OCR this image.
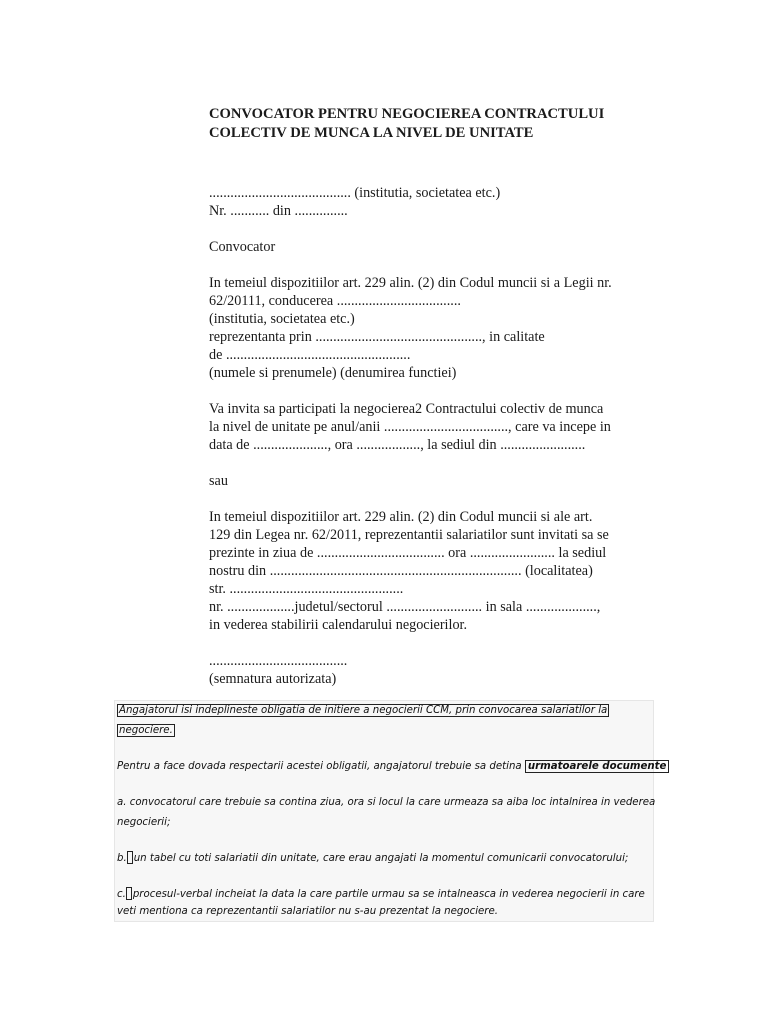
CONVOCATOR PENTRU NEGOCIEREA CONTRACTULUI
COLECTIV DE MUNCA LA NIVEL DE UNITATE
........................................ (institutia, societatea etc.)
Nr. ........... din ...............
Convocator
In temeiul dispozitiilor art. 229 alin. (2) din Codul muncii si a Legii nr.
62/20111, conducerea ...................................
(institutia, societatea etc.)
reprezentanta prin ..............................................., in calitate
de ....................................................
(numele si prenumele) (denumirea functiei)
Va invita sa participati la negocierea2 Contractului colectiv de munca
la nivel de unitate pe anul/anii ..................................., care va incepe in
data de ....................., ora .................., la sediul din ........................
sau
In temeiul dispozitiilor art. 229 alin. (2) din Codul muncii si ale art.
129 din Legea nr. 62/2011, reprezentantii salariatilor sunt invitati sa se
prezinte in ziua de .................................... ora ........................ la sediul
nostru din ....................................................................... (localitatea)
str. .................................................
nr. ...................judetul/sectorul ........................... in sala ....................,
in vederea stabilirii calendarului negocierilor.
.......................................
(semnatura autorizata)
Angajatorul isi indeplineste obligatia de initiere a negocierii CCM, prin convocarea salariatilor la
negociere.
Pentru a face dovada respectarii acestei obligatii, angajatorul trebuie sa detina urmatoarele documente
a. convocatorul care trebuie sa contina ziua, ora si locul la care urmeaza sa aiba loc intalnirea in vederea
negocierii;
b. un tabel cu toti salariatii din unitate, care erau angajati la momentul comunicarii convocatorului;
c. procesul-verbal incheiat la data la care partile urmau sa se intalneasca in vederea negocierii in care
veti mentiona ca reprezentantii salariatilor nu s-au prezentat la negociere.
